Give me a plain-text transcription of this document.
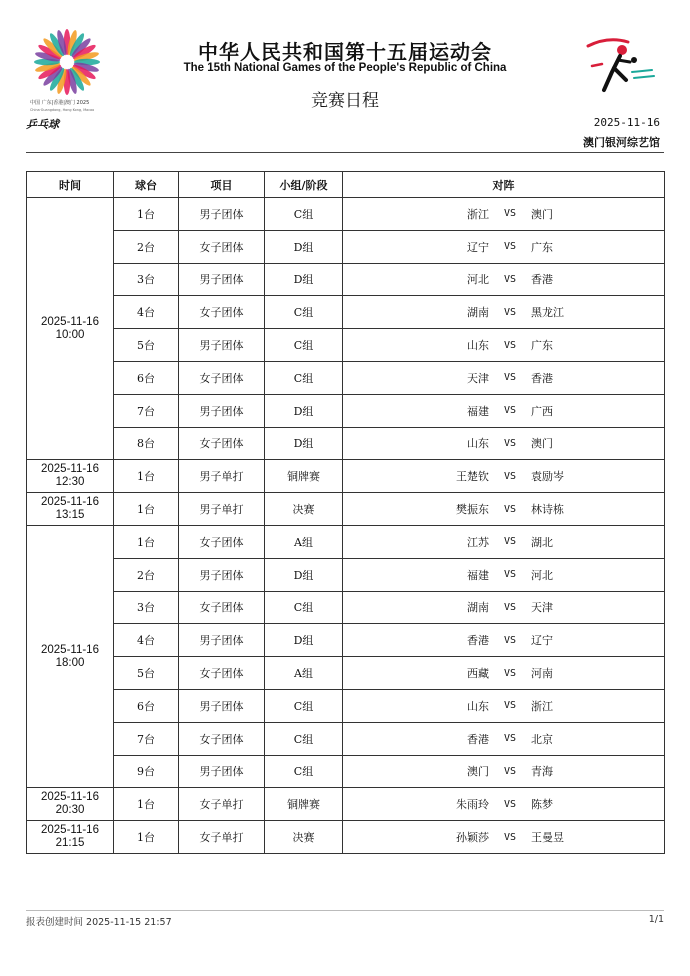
中国 广东|香港|澳门 2025
China·Guangdong, Hong Kong, Macao
乒乓球
中华人民共和国第十五届运动会
The 15th National Games of the People's Republic of China
竞赛日程
2025-11-16
澳门银河综艺馆
时间	球台	项目	小组/阶段	对阵
2025-11-16
10:00	1台	男子团体	C组	浙江 VS 澳门

	2台	女子团体	D组	辽宁 VS 广东

	3台	男子团体	D组	河北 VS 香港

	4台	女子团体	C组	湖南 VS 黑龙江

	5台	男子团体	C组	山东 VS 广东

	6台	女子团体	C组	天津 VS 香港

	7台	男子团体	D组	福建 VS 广西

	8台	女子团体	D组	山东 VS 澳门

2025-11-16
12:30	1台	男子单打	铜牌赛	王楚钦 VS 袁励岑

2025-11-16
13:15	1台	男子单打	决赛	樊振东 VS 林诗栋

2025-11-16
18:00	1台	女子团体	A组	江苏 VS 湖北

	2台	男子团体	D组	福建 VS 河北

	3台	女子团体	C组	湖南 VS 天津

	4台	男子团体	D组	香港 VS 辽宁

	5台	女子团体	A组	西藏 VS 河南

	6台	男子团体	C组	山东 VS 浙江

	7台	女子团体	C组	香港 VS 北京

	9台	男子团体	C组	澳门 VS 青海

2025-11-16
20:30	1台	女子单打	铜牌赛	朱雨玲 VS 陈梦

2025-11-16
21:15	1台	女子单打	决赛	孙颖莎 VS 王曼昱
报表创建时间 2025-11-15 21:57	1/1
